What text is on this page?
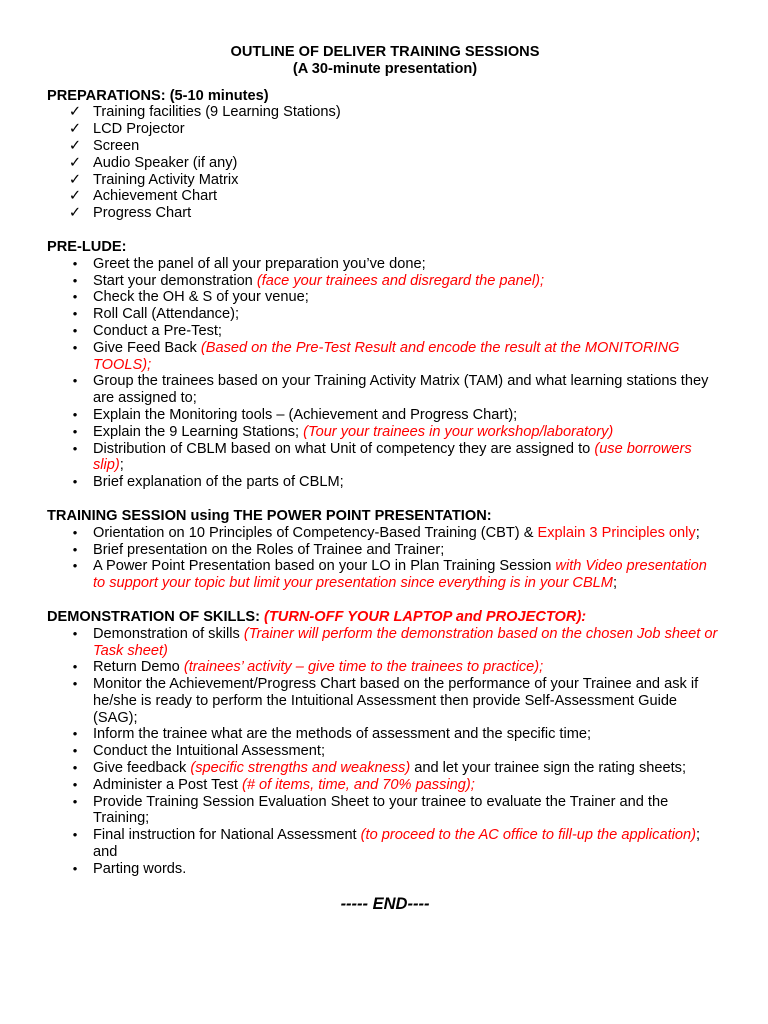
OUTLINE OF DELIVER TRAINING SESSIONS
(A 30-minute presentation)
PREPARATIONS: (5-10 minutes)
✓ Training facilities (9 Learning Stations)
✓ LCD Projector
✓ Screen
✓ Audio Speaker (if any)
✓ Training Activity Matrix
✓ Achievement Chart
✓ Progress Chart
PRE-LUDE:
•	Greet the panel of all your preparation you’ve done;
•	Start your demonstration (face your trainees and disregard the panel);
•	Check the OH & S of your venue;
•	Roll Call (Attendance);
•	Conduct a Pre-Test;
•	Give Feed Back (Based on the Pre-Test Result and encode the result at the MONITORING TOOLS);
•	Group the trainees based on your Training Activity Matrix (TAM) and what learning stations they are assigned to;
•	Explain the Monitoring tools – (Achievement and Progress Chart);
•	Explain the 9 Learning Stations; (Tour your trainees in your workshop/laboratory)
•	Distribution of CBLM based on what Unit of competency they are assigned to (use borrowers slip);
•	Brief explanation of the parts of CBLM;
TRAINING SESSION using THE POWER POINT PRESENTATION:
•	Orientation on 10 Principles of Competency-Based Training (CBT) & Explain 3 Principles only;
•	Brief presentation on the Roles of Trainee and Trainer;
•	A Power Point Presentation based on your LO in Plan Training Session with Video presentation to support your topic but limit your presentation since everything is in your CBLM;
DEMONSTRATION OF SKILLS: (TURN-OFF YOUR LAPTOP and PROJECTOR):
•	Demonstration of skills (Trainer will perform the demonstration based on the chosen Job sheet or Task sheet)
•	Return Demo (trainees’ activity – give time to the trainees to practice);
•	Monitor the Achievement/Progress Chart based on the performance of your Trainee and ask if he/she is ready to perform the Intuitional Assessment then provide Self-Assessment Guide (SAG);
•	Inform the trainee what are the methods of assessment and the specific time;
•	Conduct the Intuitional Assessment;
•	Give feedback (specific strengths and weakness) and let your trainee sign the rating sheets;
•	Administer a Post Test (# of items, time, and 70% passing);
•	Provide Training Session Evaluation Sheet to your trainee to evaluate the Trainer and the Training;
•	Final instruction for National Assessment (to proceed to the AC office to fill-up the application); and
•	Parting words.
----- END----
